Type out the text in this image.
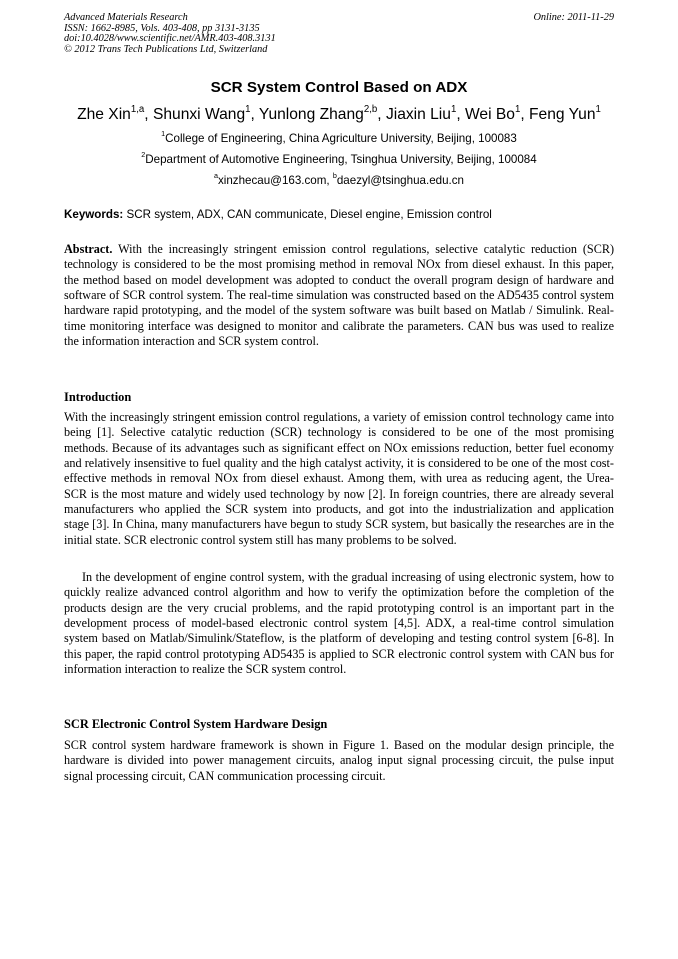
Advanced Materials Research
ISSN: 1662-8985, Vols. 403-408, pp 3131-3135
doi:10.4028/www.scientific.net/AMR.403-408.3131
© 2012 Trans Tech Publications Ltd, Switzerland
Online: 2011-11-29
SCR System Control Based on ADX
Zhe Xin$^{1,a}$, Shunxi Wang$^1$, Yunlong Zhang$^{2,b}$, Jiaxin Liu$^1$, Wei Bo$^1$, Feng Yun$^1$
$^1$College of Engineering, China Agriculture University, Beijing, 100083
$^2$Department of Automotive Engineering, Tsinghua University, Beijing, 100084
$^a$xinzhecau@163.com, $^b$daezyl@tsinghua.edu.cn
Keywords: SCR system, ADX, CAN communicate, Diesel engine, Emission control
Abstract. With the increasingly stringent emission control regulations, selective catalytic reduction (SCR) technology is considered to be the most promising method in removal NOx from diesel exhaust. In this paper, the method based on model development was adopted to conduct the overall program design of hardware and software of SCR control system. The real-time simulation was constructed based on the AD5435 control system hardware rapid prototyping, and the model of the system software was built based on Matlab / Simulink. Real-time monitoring interface was designed to monitor and calibrate the parameters. CAN bus was used to realize the information interaction and SCR system control.
Introduction
With the increasingly stringent emission control regulations, a variety of emission control technology came into being [1]. Selective catalytic reduction (SCR) technology is considered to be one of the most promising methods. Because of its advantages such as significant effect on NOx emissions reduction, better fuel economy and relatively insensitive to fuel quality and the high catalyst activity, it is considered to be one of the most cost-effective methods in removal NOx from diesel exhaust. Among them, with urea as reducing agent, the Urea-SCR is the most mature and widely used technology by now [2]. In foreign countries, there are already several manufacturers who applied the SCR system into products, and got into the industrialization and application stage [3]. In China, many manufacturers have begun to study SCR system, but basically the researches are in the initial state. SCR electronic control system still has many problems to be solved.
In the development of engine control system, with the gradual increasing of using electronic system, how to quickly realize advanced control algorithm and how to verify the optimization before the completion of the products design are the very crucial problems, and the rapid prototyping control is an important part in the development process of model-based electronic control system [4,5]. ADX, a real-time control simulation system based on Matlab/Simulink/Stateflow, is the platform of developing and testing control system [6-8]. In this paper, the rapid control prototyping AD5435 is applied to SCR electronic control system with CAN bus for information interaction to realize the SCR system control.
SCR Electronic Control System Hardware Design
SCR control system hardware framework is shown in Figure 1. Based on the modular design principle, the hardware is divided into power management circuits, analog input signal processing circuit, the pulse input signal processing circuit, CAN communication processing circuit.
